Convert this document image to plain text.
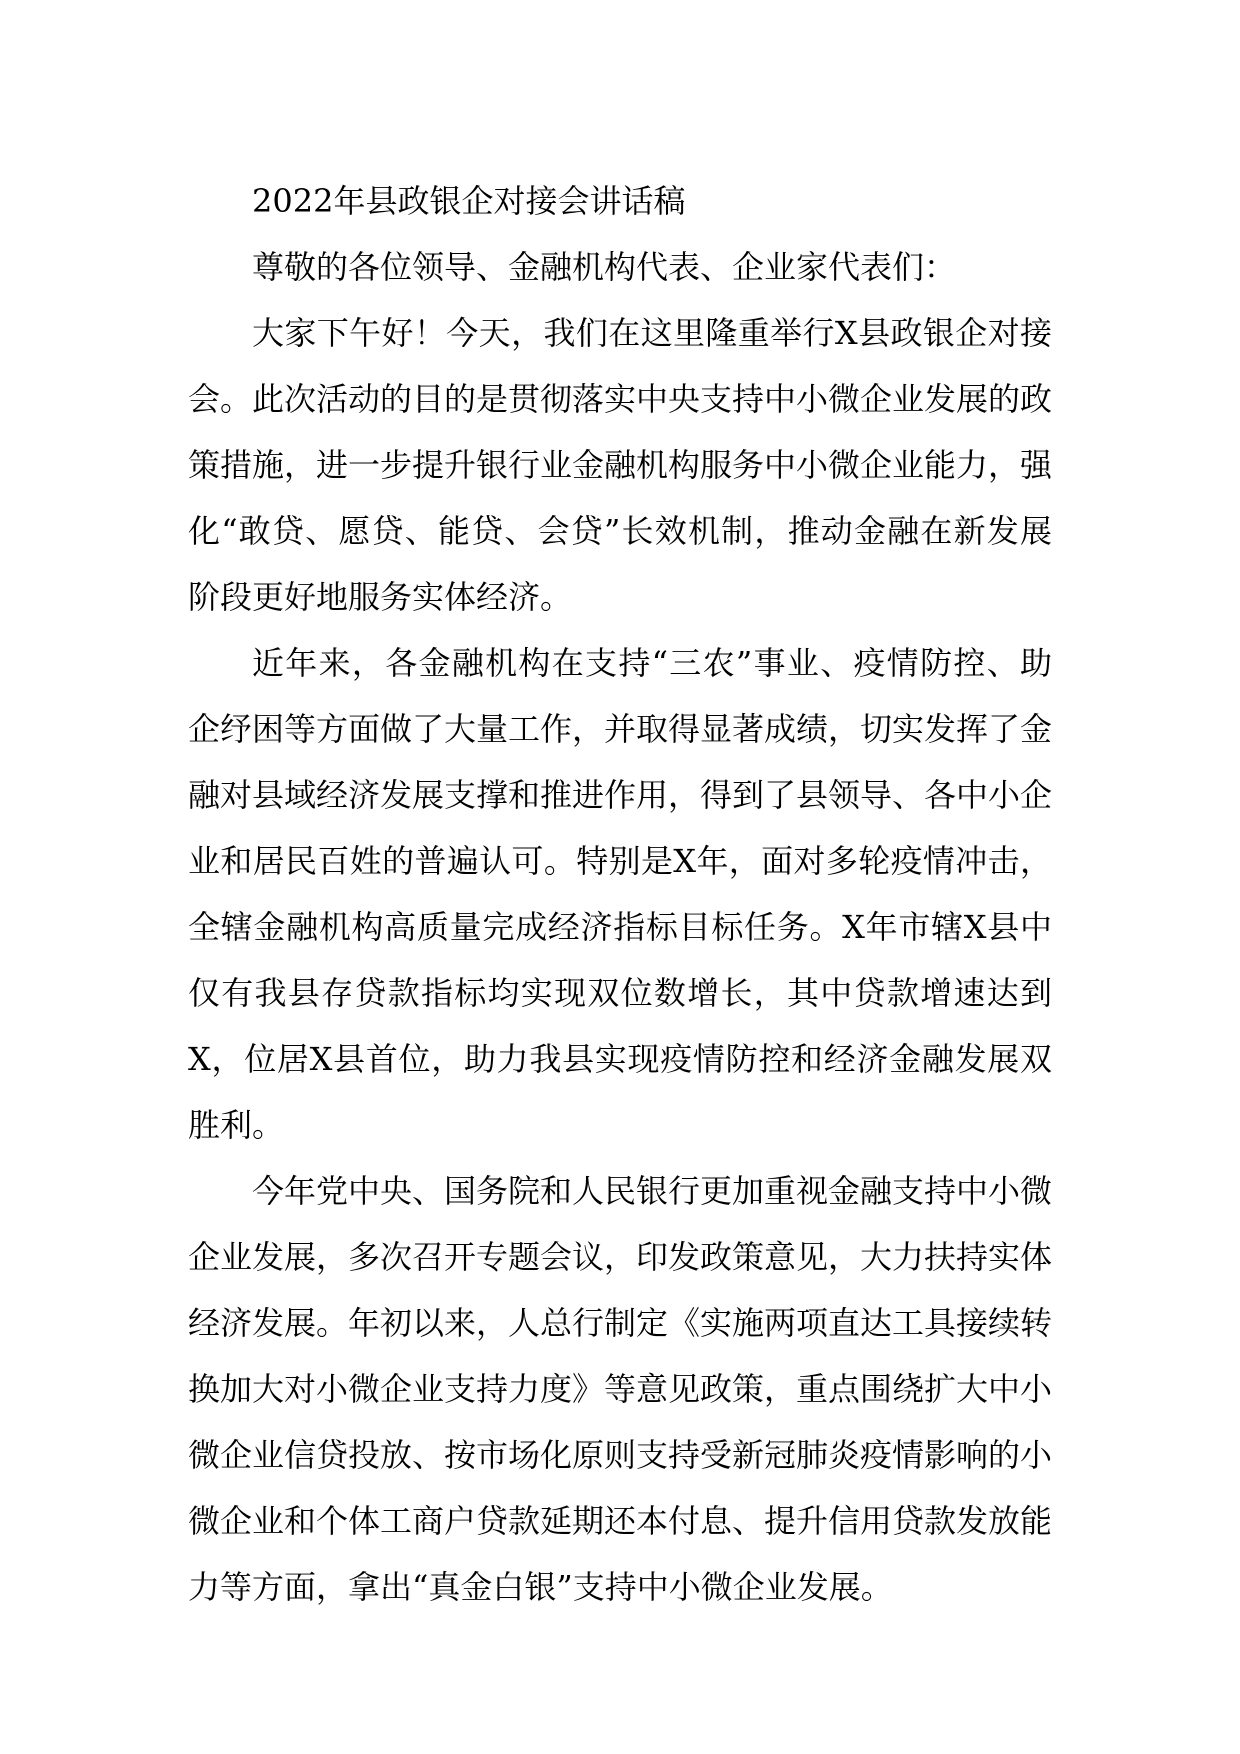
2022年县政银企对接会讲话稿

尊敬的各位领导、金融机构代表、企业家代表们：

大家下午好！今天，我们在这里隆重举行X县政银企对接会。此次活动的目的是贯彻落实中央支持中小微企业发展的政策措施，进一步提升银行业金融机构服务中小微企业能力，强化“敢贷、愿贷、能贷、会贷”长效机制，推动金融在新发展阶段更好地服务实体经济。

近年来，各金融机构在支持“三农”事业、疫情防控、助企纾困等方面做了大量工作，并取得显著成绩，切实发挥了金融对县域经济发展支撑和推进作用，得到了县领导、各中小企业和居民百姓的普遍认可。特别是X年，面对多轮疫情冲击，全辖金融机构高质量完成经济指标目标任务。X年市辖X县中仅有我县存贷款指标均实现双位数增长，其中贷款增速达到X，位居X县首位，助力我县实现疫情防控和经济金融发展双胜利。

今年党中央、国务院和人民银行更加重视金融支持中小微企业发展，多次召开专题会议，印发政策意见，大力扶持实体经济发展。年初以来，人总行制定《实施两项直达工具接续转换加大对小微企业支持力度》等意见政策，重点围绕扩大中小微企业信贷投放、按市场化原则支持受新冠肺炎疫情影响的小微企业和个体工商户贷款延期还本付息、提升信用贷款发放能力等方面，拿出“真金白银”支持中小微企业发展。
